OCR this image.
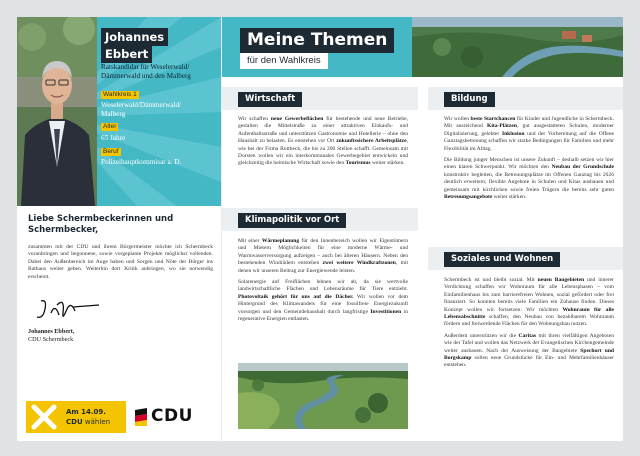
Johannes
Ebbert
Ratskandidat für Weselerwald/
Dämmerwald und den Malberg
Wahlkreis 1
Weselerwald/Dämmerwald/
Malberg
Alter
65 Jahre
Beruf
Polizeihauptkommisar a. D.
Liebe Schermbeckerinnen und
Schermbecker,
zusammen mit der CDU und ihrem Bürgermeister möchte ich Schermbeck voranbringen und begonnene, sowie vorgeplante Projekte möglichst vollenden. Dabei den Außenbereich im Auge haben und Sorgen und Nöte der Bürger ins Rathaus weiter geben. Weiterhin dort Kritik anbringen, wo sie notwendig erscheint.
Johannes Ebbert,
CDU Schermbeck
Am 14.09.
CDU wählen CDU
Meine Themen
für den Wahlkreis
Wirtschaft

Wir schaffen neue Gewerbeflächen für bestehende und neue Betriebe, gestalten die Mittelstraße zu einer attraktiven Einkaufs- und Aufenthaltsstraße und unterstützen Gastronomie und Hotellerie – ohne den Haushalt zu belasten. Es entstehen vor Ort zukunftssichere Arbeitsplätze, wie bei der Firma Rottbeck, die bis zu 200 Stellen schafft. Gemeinsam mit Dorsten wollen wir ein interkommunales Gewerbegebiet entwickeln und gleichzeitig die heimische Wirtschaft sowie den Tourismus weiter stärken.

Klimapolitik vor Ort

Mit einer Wärmeplanung für den Innenbereich wollen wir Eigentümern und Mietern Möglichkeiten für eine moderne Wärme- und Warmwasserversorgung aufzeigen – auch bei älteren Häusern. Neben den bestehenden Windrädern entstehen zwei weitere Windkraftzonen, mit denen wir unseren Beitrag zur Energiewende leisten.

Solarenergie auf Freiflächen lehnen wir ab, da sie wertvolle landwirtschaftliche Flächen und Lebensräume für Tiere entzieht. Photovoltaik gehört für uns auf die Dächer. Wir wollen vor dem Hintergrund des Klimawandels für eine fossilfreie Energiezukunft vorsorgen und den Gemeindehaushalt durch langfristige Investitionen in regenerative Energien entlasten.

Bildung

Wir wollen beste Startchancen für Kinder und Jugendliche in Schermbeck. Mit ausreichend Kita-Plätzen, gut ausgestatteten Schulen, moderner Digitalisierung, gelebter Inklusion und der Vorbereitung auf die Offene Ganztagsbetreuung schaffen wir starke Bedingungen für Familien und mehr Flexibilität im Alltag.

Die Bildung junger Menschen ist unsere Zukunft – deshalb setzen wir hier einen klaren Schwerpunkt. Wir möchten den Neubau der Grundschule konstruktiv begleiten, die Betreuungsplätze im Offenen Ganztag bis 2026 deutlich erweitern, flexible Angebote in Schulen und Kitas ausbauen und gemeinsam mit kirchlichen sowie freien Trägern die bereits sehr guten Betreuungsangebote weiter stärken.

Soziales und Wohnen

Schermbeck ist und bleibt sozial. Mit neuen Baugebieten und innerer Verdichtung schaffen wir Wohnraum für alle Lebensphasen – vom Einfamilienhaus bis zum barrierefreien Wohnen, sozial gefördert oder frei finanziert. So konnten bereits viele Familien ein Zuhause finden. Dieses Konzept wollen wir fortsetzen: Wir möchten Wohnraum für alle Lebensabschnitte schaffen, den Neubau von bezahlbarem Wohnraum fördern und freiwerdende Flächen für den Wohnungsbau nutzen.

Außerdem unterstützen wir die Caritas mit ihren vielfältigen Angeboten wie der Tafel und wollen das Netzwerk der Evangelischen Kirchengemeinde weiter ausbauen. Nach der Ausweisung der Baugebiete Spechort und Borgskamp sollen neue Grundstücke für Ein- und Mehrfamilienhäuser entstehen.
